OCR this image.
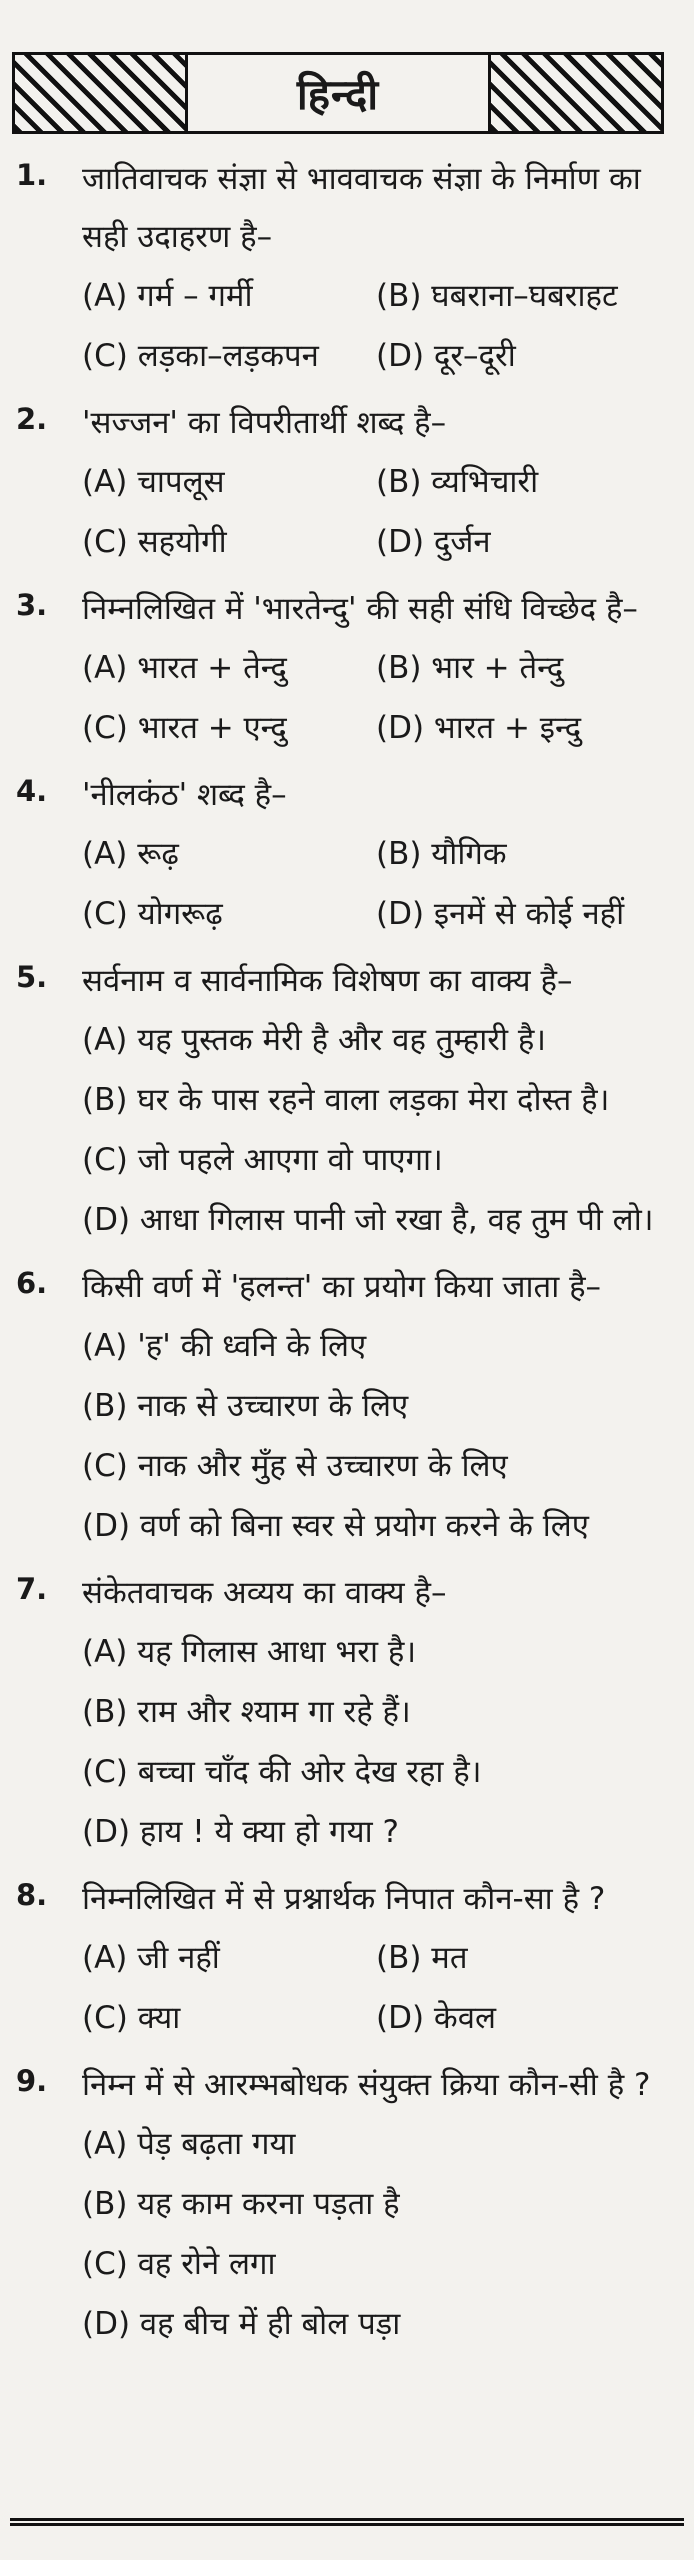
हिन्दी
1. जातिवाचक संज्ञा से भाववाचक संज्ञा के निर्माण का सही उदाहरण है–
(A) गर्म – गर्मी	(B) घबराना–घबराहट
(C) लड़का–लड़कपन	(D) दूर–दूरी
2. 'सज्जन' का विपरीतार्थी शब्द है–
(A) चापलूस	(B) व्यभिचारी
(C) सहयोगी	(D) दुर्जन
3. निम्नलिखित में 'भारतेन्दु' की सही संधि विच्छेद है–
(A) भारत + तेन्दु	(B) भार + तेन्दु
(C) भारत + एन्दु	(D) भारत + इन्दु
4. 'नीलकंठ' शब्द है–
(A) रूढ़	(B) यौगिक
(C) योगरूढ़	(D) इनमें से कोई नहीं
5. सर्वनाम व सार्वनामिक विशेषण का वाक्य है–
(A) यह पुस्तक मेरी है और वह तुम्हारी है।
(B) घर के पास रहने वाला लड़का मेरा दोस्त है।
(C) जो पहले आएगा वो पाएगा।
(D) आधा गिलास पानी जो रखा है, वह तुम पी लो।
6. किसी वर्ण में 'हलन्त' का प्रयोग किया जाता है–
(A) 'ह' की ध्वनि के लिए
(B) नाक से उच्चारण के लिए
(C) नाक और मुँह से उच्चारण के लिए
(D) वर्ण को बिना स्वर से प्रयोग करने के लिए
7. संकेतवाचक अव्यय का वाक्य है–
(A) यह गिलास आधा भरा है।
(B) राम और श्याम गा रहे हैं।
(C) बच्चा चाँद की ओर देख रहा है।
(D) हाय ! ये क्या हो गया ?
8. निम्नलिखित में से प्रश्नार्थक निपात कौन-सा है ?
(A) जी नहीं	(B) मत
(C) क्या	(D) केवल
9. निम्न में से आरम्भबोधक संयुक्त क्रिया कौन-सी है ?
(A) पेड़ बढ़ता गया
(B) यह काम करना पड़ता है
(C) वह रोने लगा
(D) वह बीच में ही बोल पड़ा
